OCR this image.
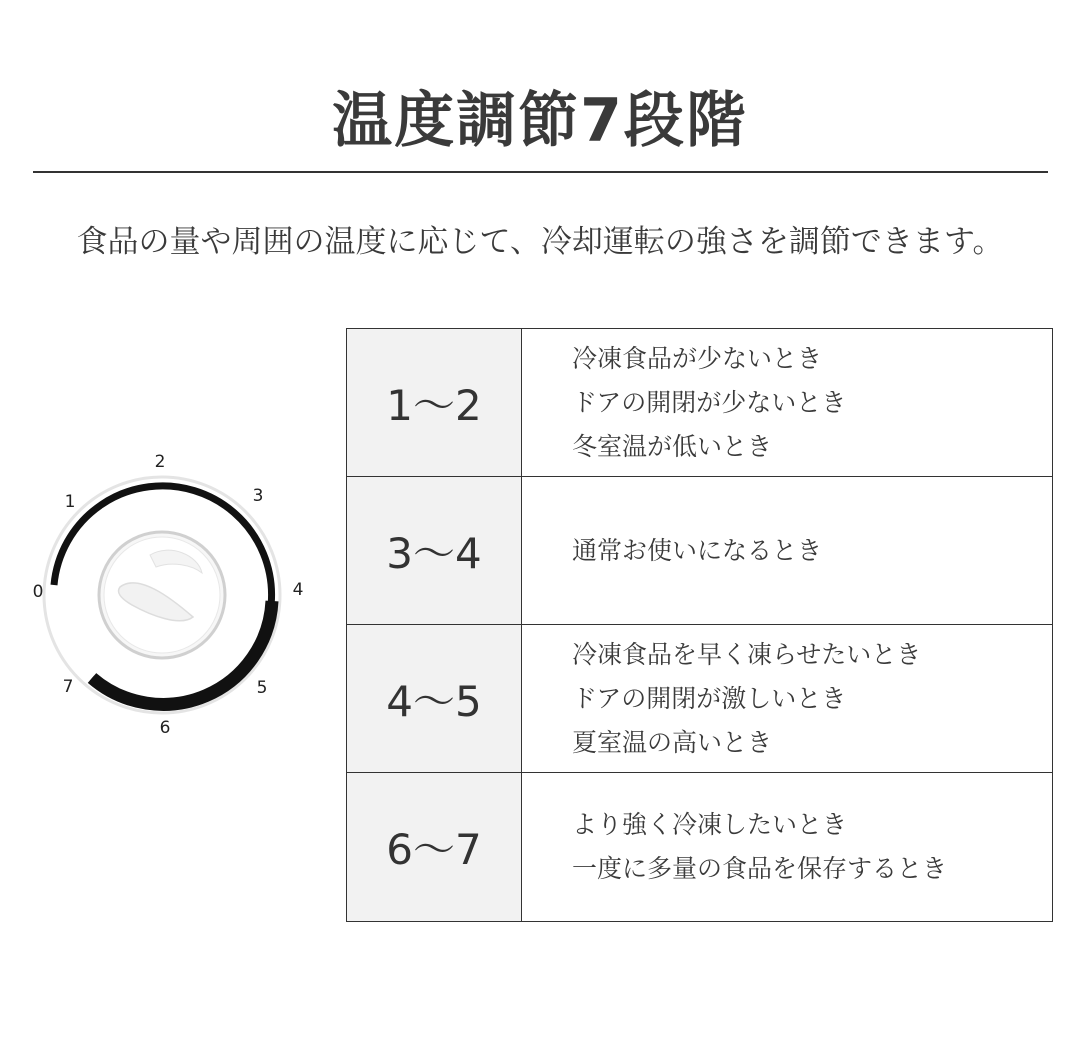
温度調節7段階
食品の量や周囲の温度に応じて、冷却運転の強さを調節できます。
0
1
2
3
4
5
6
7
1～2
冷凍食品が少ないとき
ドアの開閉が少ないとき
冬室温が低いとき
3～4	通常お使いになるとき
4～5
冷凍食品を早く凍らせたいとき
ドアの開閉が激しいとき
夏室温の高いとき
6～7
より強く冷凍したいとき
一度に多量の食品を保存するとき
